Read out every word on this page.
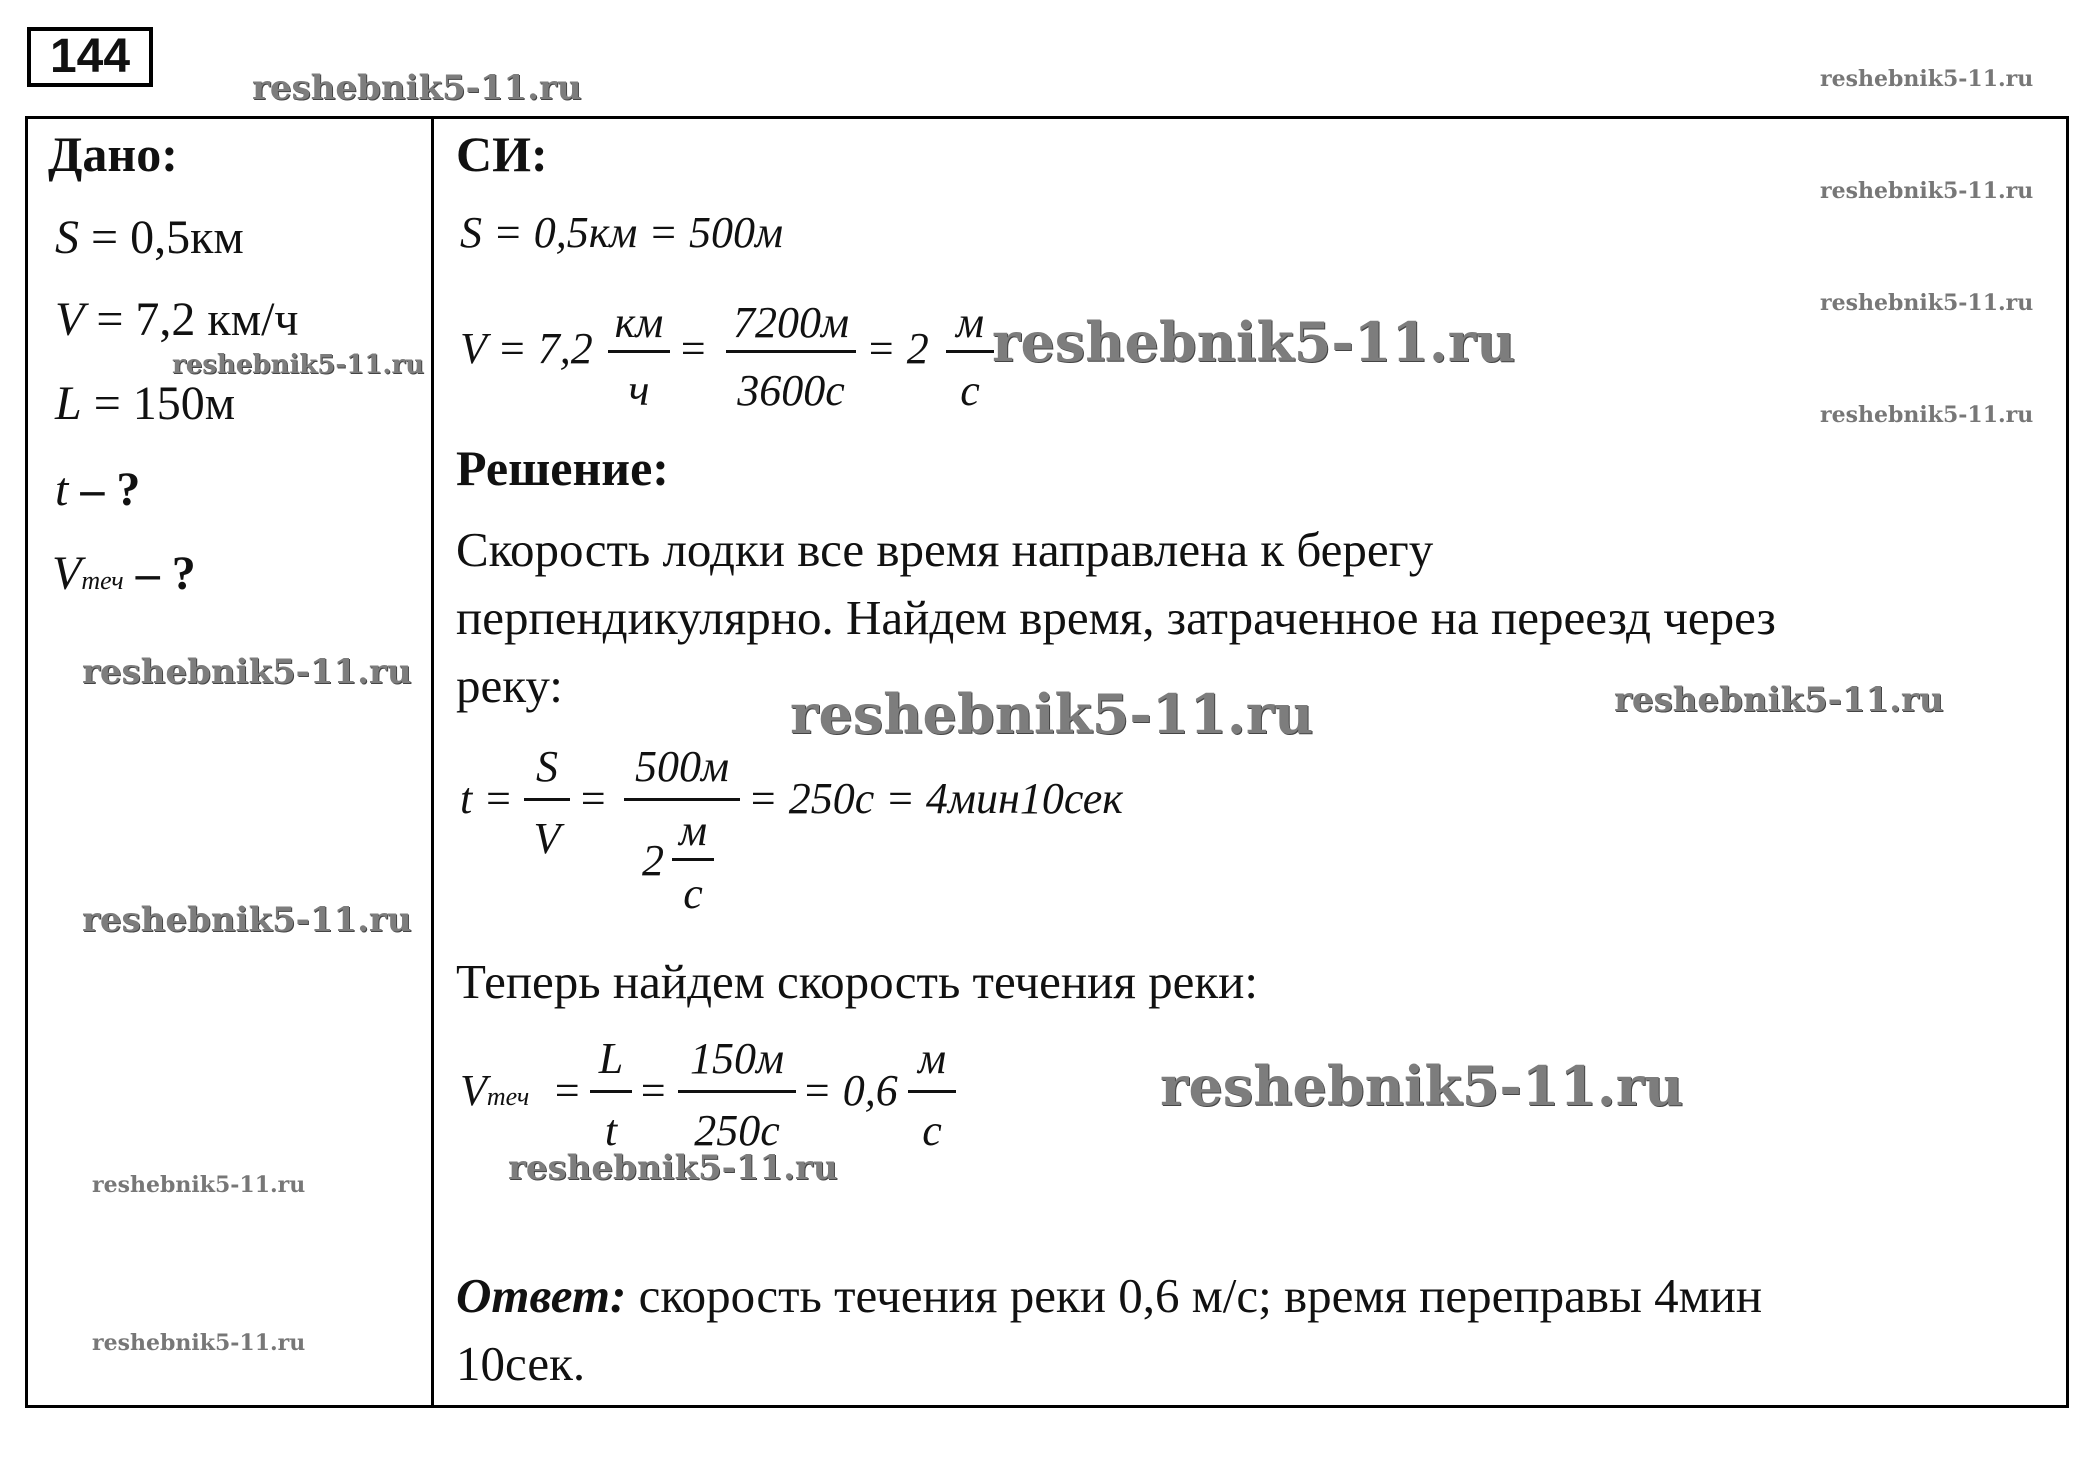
144
Дано:
S = 0,5км
V = 7,2 км/ч
L = 150м
t – ?
Vтеч – ?
СИ:
S = 0,5км = 500м
V = 7,2
км
ч
=
7200м
3600с
= 2
м
с
Решение:
Скорость лодки все время направлена к берегу
перпендикулярно. Найдем время, затраченное на переезд через
реку:
t =
S
V
=
500м
2
м
с
= 250с = 4мин10сек
Теперь найдем скорость течения реки:
Vтеч =
L
t
=
150м
250с
= 0,6
м
с
Ответ: скорость течения реки 0,6 м/с; время переправы 4мин
10сек.
reshebnik5-11.ru	reshebnik5-11.ru
reshebnik5-11.ru
reshebnik5-11.ru
reshebnik5-11.ru
reshebnik5-11.ru
reshebnik5-11.ru
reshebnik5-11.ru
reshebnik5-11.ru	reshebnik5-11.ru
reshebnik5-11.ru
reshebnik5-11.ru
reshebnik5-11.ru
reshebnik5-11.ru
reshebnik5-11.ru
